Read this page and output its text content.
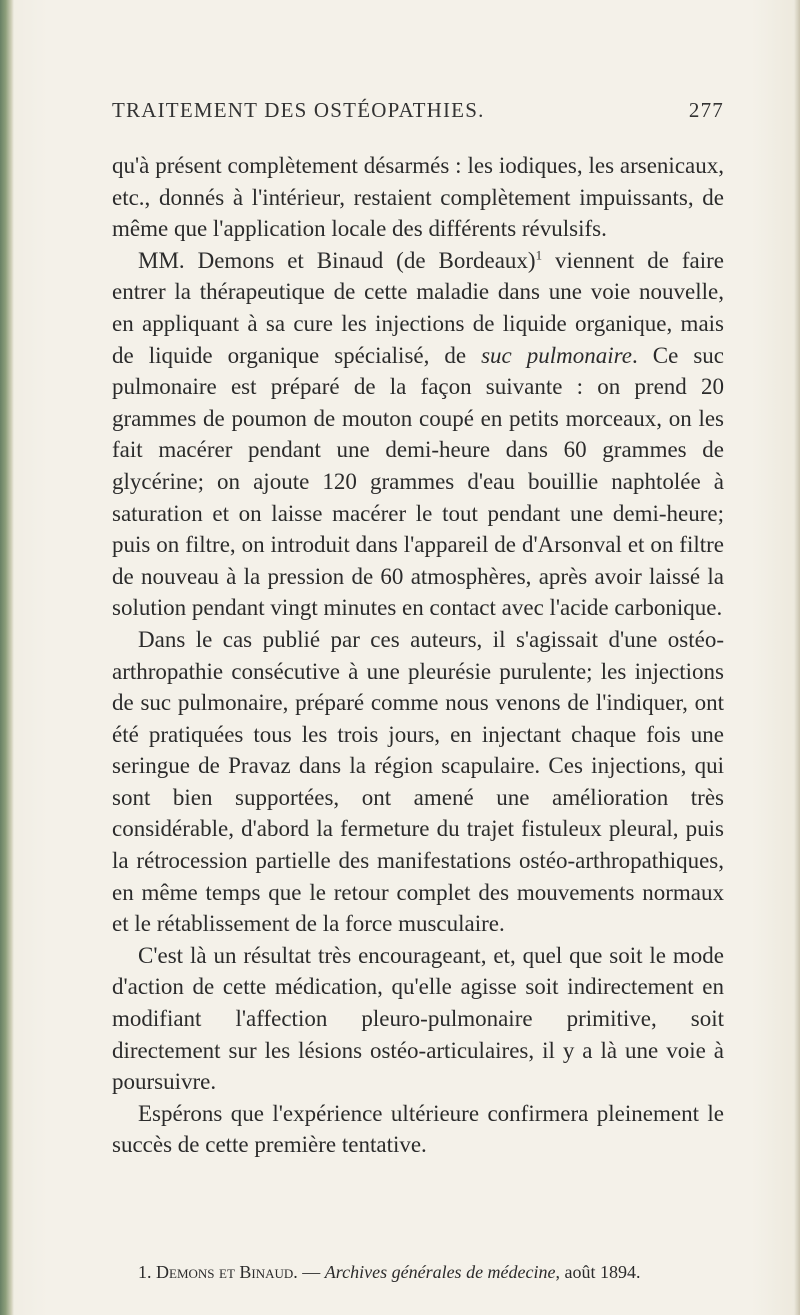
TRAITEMENT DES OSTÉOPATHIES.	277

qu'à présent complètement désarmés : les iodiques, les arsenicaux, etc., donnés à l'intérieur, restaient complètement impuissants, de même que l'application locale des différents révulsifs.

MM. Demons et Binaud (de Bordeaux)$^1$ viennent de faire entrer la thérapeutique de cette maladie dans une voie nouvelle, en appliquant à sa cure les injections de liquide organique, mais de liquide organique spécialisé, de suc pulmonaire. Ce suc pulmonaire est préparé de la façon suivante : on prend 20 grammes de poumon de mouton coupé en petits morceaux, on les fait macérer pendant une demi-heure dans 60 grammes de glycérine; on ajoute 120 grammes d'eau bouillie naphtolée à saturation et on laisse macérer le tout pendant une demi-heure; puis on filtre, on introduit dans l'appareil de d'Arsonval et on filtre de nouveau à la pression de 60 atmosphères, après avoir laissé la solution pendant vingt minutes en contact avec l'acide carbonique.

Dans le cas publié par ces auteurs, il s'agissait d'une ostéo-arthropathie consécutive à une pleurésie purulente; les injections de suc pulmonaire, préparé comme nous venons de l'indiquer, ont été pratiquées tous les trois jours, en injectant chaque fois une seringue de Pravaz dans la région scapulaire. Ces injections, qui sont bien supportées, ont amené une amélioration très considérable, d'abord la fermeture du trajet fistuleux pleural, puis la rétrocession partielle des manifestations ostéo-arthropathiques, en même temps que le retour complet des mouvements normaux et le rétablissement de la force musculaire.

C'est là un résultat très encourageant, et, quel que soit le mode d'action de cette médication, qu'elle agisse soit indirectement en modifiant l'affection pleuro-pulmonaire primitive, soit directement sur les lésions ostéo-articulaires, il y a là une voie à poursuivre.

Espérons que l'expérience ultérieure confirmera pleinement le succès de cette première tentative.

1. Demons et Binaud. — Archives générales de médecine, août 1894.
